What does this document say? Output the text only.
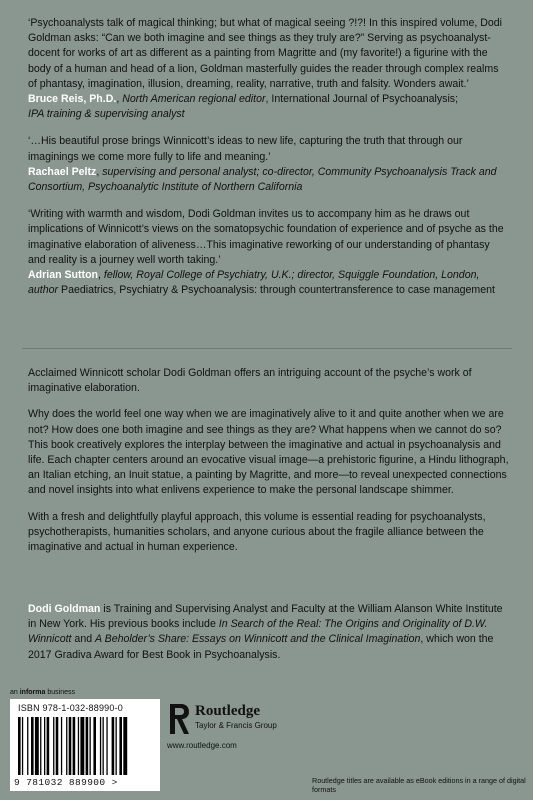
‘Psychoanalysts talk of magical thinking; but what of magical seeing ?!?! In this inspired volume, Dodi Goldman asks: “Can we both imagine and see things as they truly are?” Serving as psychoanalyst-docent for works of art as different as a painting from Magritte and (my favorite!) a figurine with the body of a human and head of a lion, Goldman masterfully guides the reader through complex realms of phantasy, imagination, illusion, dreaming, reality, narrative, truth and falsity. Wonders await.’

Bruce Reis, Ph.D., North American regional editor, International Journal of Psychoanalysis;
IPA training & supervising analyst

‘…His beautiful prose brings Winnicott’s ideas to new life, capturing the truth that through our imaginings we come more fully to life and meaning.’

Rachael Peltz, supervising and personal analyst; co-director, Community Psychoanalysis Track and Consortium, Psychoanalytic Institute of Northern California

‘Writing with warmth and wisdom, Dodi Goldman invites us to accompany him as he draws out implications of Winnicott’s views on the somatopsychic foundation of experience and of psyche as the imaginative elaboration of aliveness…This imaginative reworking of our understanding of phantasy and reality is a journey well worth taking.’

Adrian Sutton, fellow, Royal College of Psychiatry, U.K.; director, Squiggle Foundation, London, author Paediatrics, Psychiatry & Psychoanalysis: through countertransference to case management

Acclaimed Winnicott scholar Dodi Goldman offers an intriguing account of the psyche’s work of imaginative elaboration.

Why does the world feel one way when we are imaginatively alive to it and quite another when we are not? How does one both imagine and see things as they are? What happens when we cannot do so? This book creatively explores the interplay between the imaginative and actual in psychoanalysis and life. Each chapter centers around an evocative visual image—a prehistoric figurine, a Hindu lithograph, an Italian etching, an Inuit statue, a painting by Magritte, and more—to reveal unexpected connections and novel insights into what enlivens experience to make the personal landscape shimmer.

With a fresh and delightfully playful approach, this volume is essential reading for psychoanalysts, psychotherapists, humanities scholars, and anyone curious about the fragile alliance between the imaginative and actual in human experience.

Dodi Goldman is Training and Supervising Analyst and Faculty at the William Alanson White Institute in New York. His previous books include In Search of the Real: The Origins and Originality of D.W. Winnicott and A Beholder’s Share: Essays on Winnicott and the Clinical Imagination, which won the 2017 Gradiva Award for Best Book in Psychoanalysis.

an informa business
ISBN 978-1-032-88990-0
9 781032 889900 >
Routledge
Taylor & Francis Group
www.routledge.com
Routledge titles are available as eBook editions in a range of digital formats
